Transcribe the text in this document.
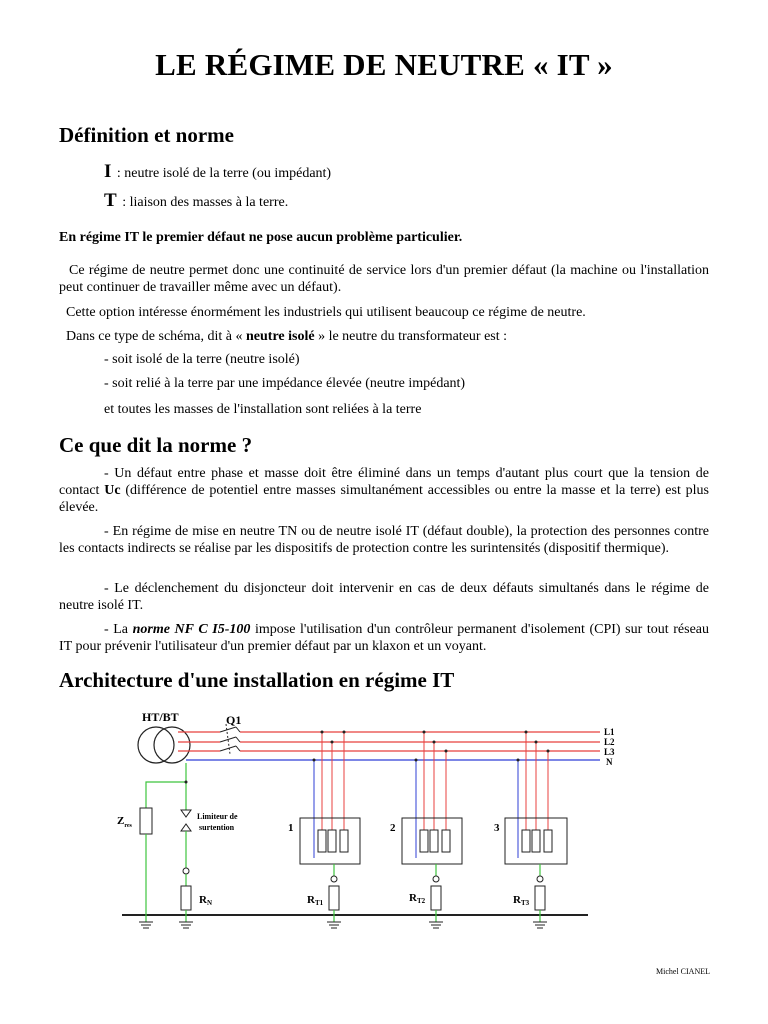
LE RÉGIME DE NEUTRE « IT »
Définition et norme
I : neutre isolé de la terre (ou impédant)
T : liaison des masses à la terre.
En régime IT le premier défaut ne pose aucun problème particulier.
Ce régime de neutre permet donc une continuité de service lors d'un premier défaut (la machine ou l'installation peut continuer de travailler même avec un défaut).
Cette option intéresse énormément les industriels qui utilisent beaucoup ce régime de neutre.
Dans ce type de schéma, dit à « neutre isolé » le neutre du transformateur est :
- soit isolé de la terre (neutre isolé)
- soit relié à la terre par une impédance élevée (neutre impédant)
et toutes les masses de l'installation sont reliées à la terre
Ce que dit la norme ?
- Un défaut entre phase et masse doit être éliminé dans un temps d'autant plus court que la tension de contact Uc (différence de potentiel entre masses simultanément accessibles ou entre la masse et la terre) est plus élevée.
- En régime de mise en neutre TN ou de neutre isolé IT (défaut double), la protection des personnes contre les contacts indirects se réalise par les dispositifs de protection contre les surintensités (dispositif thermique).
- Le déclenchement du disjoncteur doit intervenir en cas de deux défauts simultanés dans le régime de neutre isolé IT.
- La norme NF C I5-100 impose l'utilisation d'un contrôleur permanent d'isolement (CPI) sur tout réseau IT pour prévenir l'utilisateur d'un premier défaut par un klaxon et un voyant.
Architecture d'une installation en régime IT
HT/BT	Q1
L1
L2
L3
N
$Z_{res}$
Limiteur de
surtention
RN
1
RT1
2
RT2
3
RT3
Michel CIANEL
